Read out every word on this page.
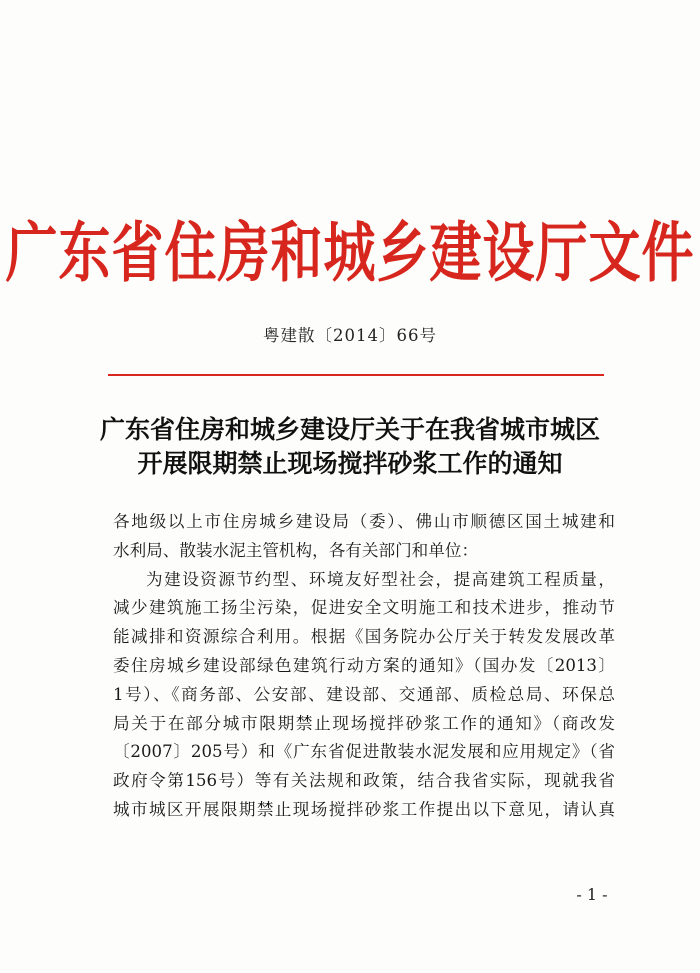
广东省住房和城乡建设厅文件
粤建散〔2014〕66号
广东省住房和城乡建设厅关于在我省城市城区
开展限期禁止现场搅拌砂浆工作的通知
各地级以上市住房城乡建设局（委）、佛山市顺德区国土城建和
水利局、散装水泥主管机构，各有关部门和单位：
为建设资源节约型、环境友好型社会，提高建筑工程质量，
减少建筑施工扬尘污染，促进安全文明施工和技术进步，推动节
能减排和资源综合利用。根据《国务院办公厅关于转发发展改革
委住房城乡建设部绿色建筑行动方案的通知》（国办发〔2013〕
1号）、《商务部、公安部、建设部、交通部、质检总局、环保总
局关于在部分城市限期禁止现场搅拌砂浆工作的通知》（商改发
〔2007〕205号）和《广东省促进散装水泥发展和应用规定》（省
政府令第156号）等有关法规和政策，结合我省实际，现就我省
城市城区开展限期禁止现场搅拌砂浆工作提出以下意见，请认真
- 1 -
